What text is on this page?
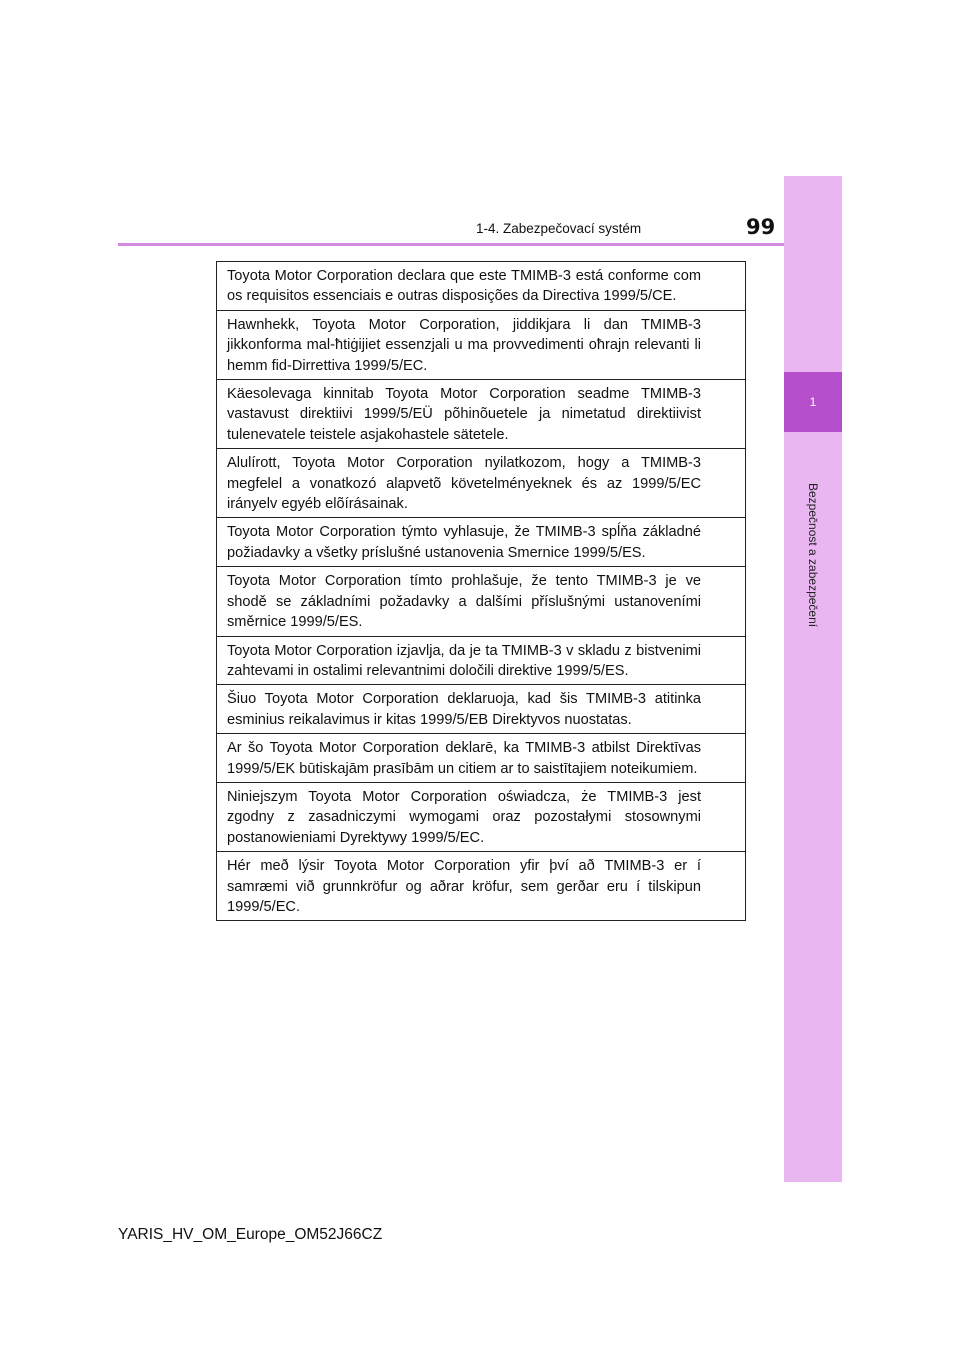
1
Bezpečnost a zabezpečení
1-4. Zabezpečovací systém	99
Toyota Motor Corporation declara que este TMIMB-3 está conforme com os requisitos essenciais e outras disposições da Directiva 1999/5/CE.
Hawnhekk, Toyota Motor Corporation, jiddikjara li dan TMIMB-3 jikkonforma mal-ħtiġijiet essenzjali u ma provvedimenti oħrajn relevanti li hemm fid-Dirrettiva 1999/5/EC.
Käesolevaga kinnitab Toyota Motor Corporation seadme TMIMB-3 vastavust direktiivi 1999/5/EÜ põhinõuetele ja nimetatud direktiivist tulenevatele teistele asjakohastele sätetele.
Alulírott, Toyota Motor Corporation nyilatkozom, hogy a TMIMB-3 megfelel a vonatkozó alapvetõ követelményeknek és az 1999/5/EC irányelv egyéb elõírásainak.
Toyota Motor Corporation týmto vyhlasuje, že TMIMB-3 spĺňa základné požiadavky a všetky príslušné ustanovenia Smernice 1999/5/ES.
Toyota Motor Corporation tímto prohlašuje, že tento TMIMB-3 je ve shodě se základními požadavky a dalšími příslušnými ustanoveními směrnice 1999/5/ES.
Toyota Motor Corporation izjavlja, da je ta TMIMB-3 v skladu z bistvenimi zahtevami in ostalimi relevantnimi določili direktive 1999/5/ES.
Šiuo Toyota Motor Corporation deklaruoja, kad šis TMIMB-3 atitinka esminius reikalavimus ir kitas 1999/5/EB Direktyvos nuostatas.
Ar šo Toyota Motor Corporation deklarē, ka TMIMB-3 atbilst Direktīvas 1999/5/EK būtiskajām prasībām un citiem ar to saistītajiem noteikumiem.
Niniejszym Toyota Motor Corporation oświadcza, że TMIMB-3 jest zgodny z zasadniczymi wymogami oraz pozostałymi stosownymi postanowieniami Dyrektywy 1999/5/EC.
Hér með lýsir Toyota Motor Corporation yfir því að TMIMB-3 er í samræmi við grunnkröfur og aðrar kröfur, sem gerðar eru í tilskipun 1999/5/EC.
YARIS_HV_OM_Europe_OM52J66CZ
